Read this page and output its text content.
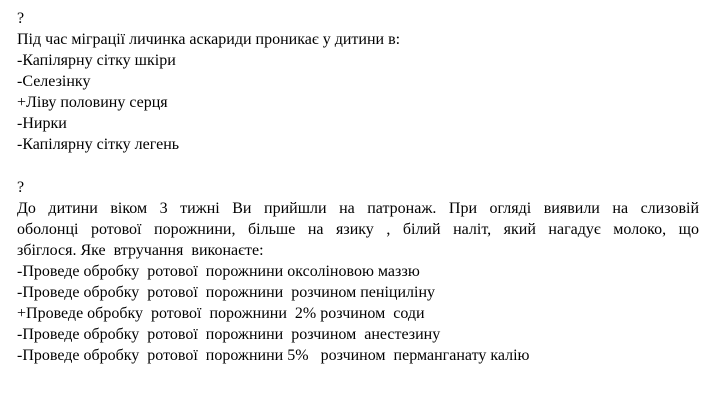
?
Під час міграції личинка аскариди проникає у дитини в:
-Капілярну сітку шкіри
-Селезінку
+Ліву половину серця
-Нирки
-Капілярну сітку легень
?
До дитини віком 3 тижні Ви прийшли на патронаж. При огляді виявили на слизовій
оболонці ротової порожнини, більше на язику , білий наліт, який нагадує молоко, що
збіглося. Яке  втручання  виконаєте:
-Проведе обробку  ротової  порожнини оксоліновою маззю
-Проведе обробку  ротової  порожнини  розчином пеніциліну
+Проведе обробку  ротової  порожнини  2% розчином  соди
-Проведе обробку  ротової  порожнини  розчином  анестезину
-Проведе обробку  ротової  порожнини 5%   розчином  перманганату калію
